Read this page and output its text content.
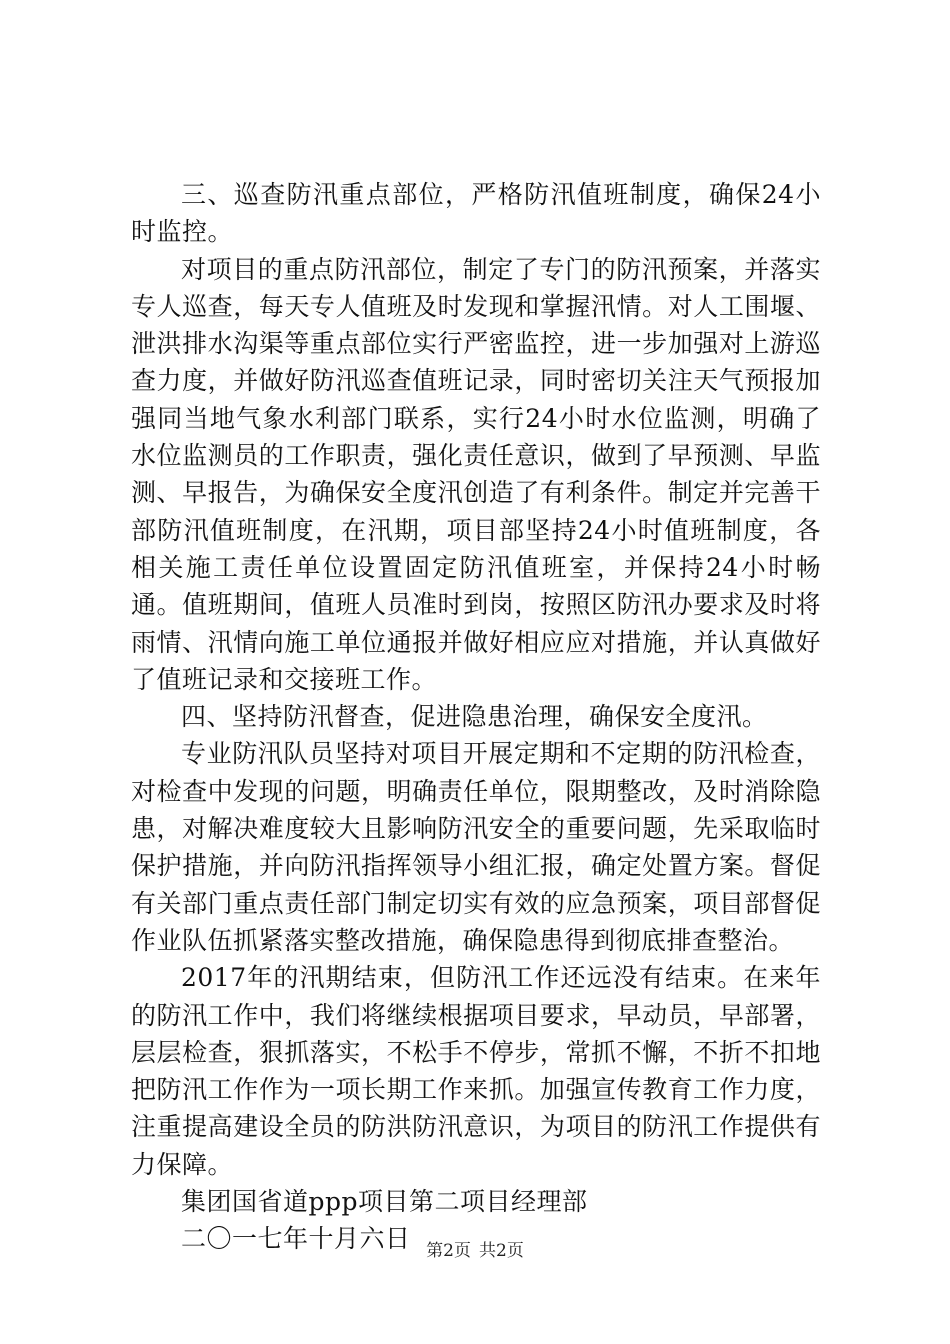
三、巡查防汛重点部位，严格防汛值班制度，确保24小时监控。

对项目的重点防汛部位，制定了专门的防汛预案，并落实专人巡查，每天专人值班及时发现和掌握汛情。对人工围堰、泄洪排水沟渠等重点部位实行严密监控，进一步加强对上游巡查力度，并做好防汛巡查值班记录，同时密切关注天气预报加强同当地气象水利部门联系，实行24小时水位监测，明确了水位监测员的工作职责，强化责任意识，做到了早预测、早监测、早报告，为确保安全度汛创造了有利条件。制定并完善干部防汛值班制度，在汛期，项目部坚持24小时值班制度，各相关施工责任单位设置固定防汛值班室，并保持24小时畅通。值班期间，值班人员准时到岗，按照区防汛办要求及时将雨情、汛情向施工单位通报并做好相应应对措施，并认真做好了值班记录和交接班工作。

四、坚持防汛督查，促进隐患治理，确保安全度汛。

专业防汛队员坚持对项目开展定期和不定期的防汛检查，对检查中发现的问题，明确责任单位，限期整改，及时消除隐患，对解决难度较大且影响防汛安全的重要问题，先采取临时保护措施，并向防汛指挥领导小组汇报，确定处置方案。督促有关部门重点责任部门制定切实有效的应急预案，项目部督促作业队伍抓紧落实整改措施，确保隐患得到彻底排查整治。

2017年的汛期结束，但防汛工作还远没有结束。在来年的防汛工作中，我们将继续根据项目要求，早动员，早部署，层层检查，狠抓落实，不松手不停步，常抓不懈，不折不扣地把防汛工作作为一项长期工作来抓。加强宣传教育工作力度，注重提高建设全员的防洪防汛意识，为项目的防汛工作提供有力保障。

集团国省道ppp项目第二项目经理部

二〇一七年十月六日 第2页 共2页
